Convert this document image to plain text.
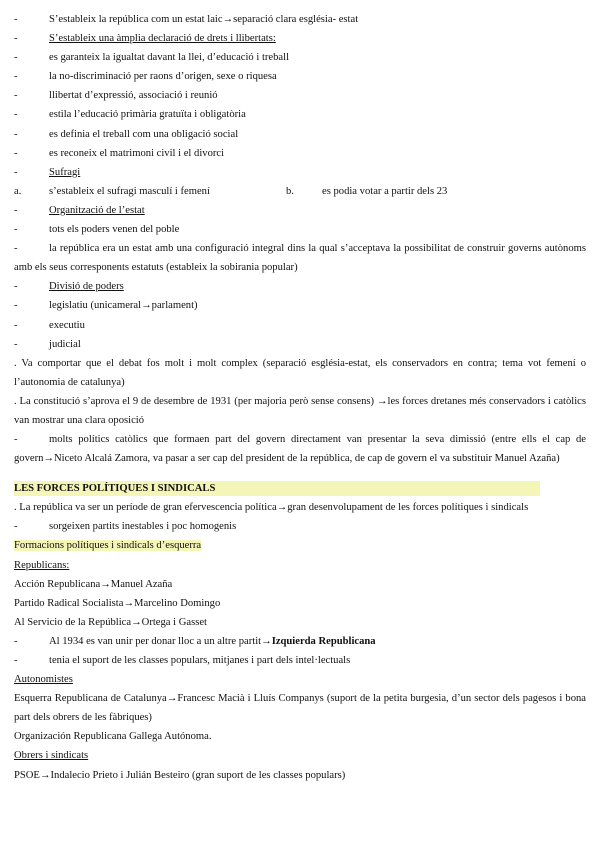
-	S’estableix la república com un estat laic→separació clara església- estat
-	S’estableix una àmplia declaració de drets i llibertats:
-	es garanteix la igualtat davant la llei, d’educació i treball
-	la no-discriminació per raons d’origen, sexe o riquesa
-	llibertat d’expressió, associació i reunió
-	estila l’educació primària gratuïta i obligatòria
-	es definia el treball com una obligació social
-	es reconeix el matrimoni civil i el divorci
-	Sufragi
a.	s’estableix el sufragi masculí i femení	b.	es podia votar a partir dels 23
-	Organització de l’estat
-	tots els poders venen del poble
-	la república era un estat amb una configuració integral dins la qual s’acceptava la possibilitat de construir governs autònoms amb els seus corresponents estatuts (estableix la sobirania popular)
-	Divisió de poders
-	legislatiu (unicameral→parlament)
-	executiu
-	judicial
. Va comportar que el debat fos molt i molt complex (separació església-estat, els conservadors en contra; tema vot femení o l’autonomia de catalunya)
. La constitució s’aprova el 9 de desembre de 1931 (per majoria però sense consens) →les forces dretanes més conservadors i catòlics van mostrar una clara oposició
-	molts polítics catòlics que formaen part del govern directament van presentar la seva dimissió (entre ells el cap de govern→Niceto Alcalá Zamora, va pasar a ser cap del president de la república, de cap de govern el va substituir Manuel Azaña)
LES FORCES POLÍTIQUES I SINDICALS
. La república va ser un període de gran efervescencia política→gran desenvolupament de les forces polítiques i sindicals
-	sorgeixen partits inestables i poc homogenis
Formacions polítiques i sindicals d’esquerra
Republicans:
Acción Republicana→Manuel Azaña
Partido Radical Socialista→Marcelino Domingo
Al Servicio de la República→Ortega i Gasset
-	Al 1934 es van unir per donar lloc a un altre partit→Izquierda Republicana
-	tenia el suport de les classes populars, mitjanes i part dels intel·lectuals
Autonomistes
Esquerra Republicana de Catalunya→Francesc Macià i Lluís Companys (suport de la petita burgesia, d’un sector dels pagesos i bona part dels obrers de les fàbriques)
Organización Republicana Gallega Autónoma.
Obrers i sindicats
PSOE→Indalecio Prieto i Julián Besteiro (gran suport de les classes populars)
